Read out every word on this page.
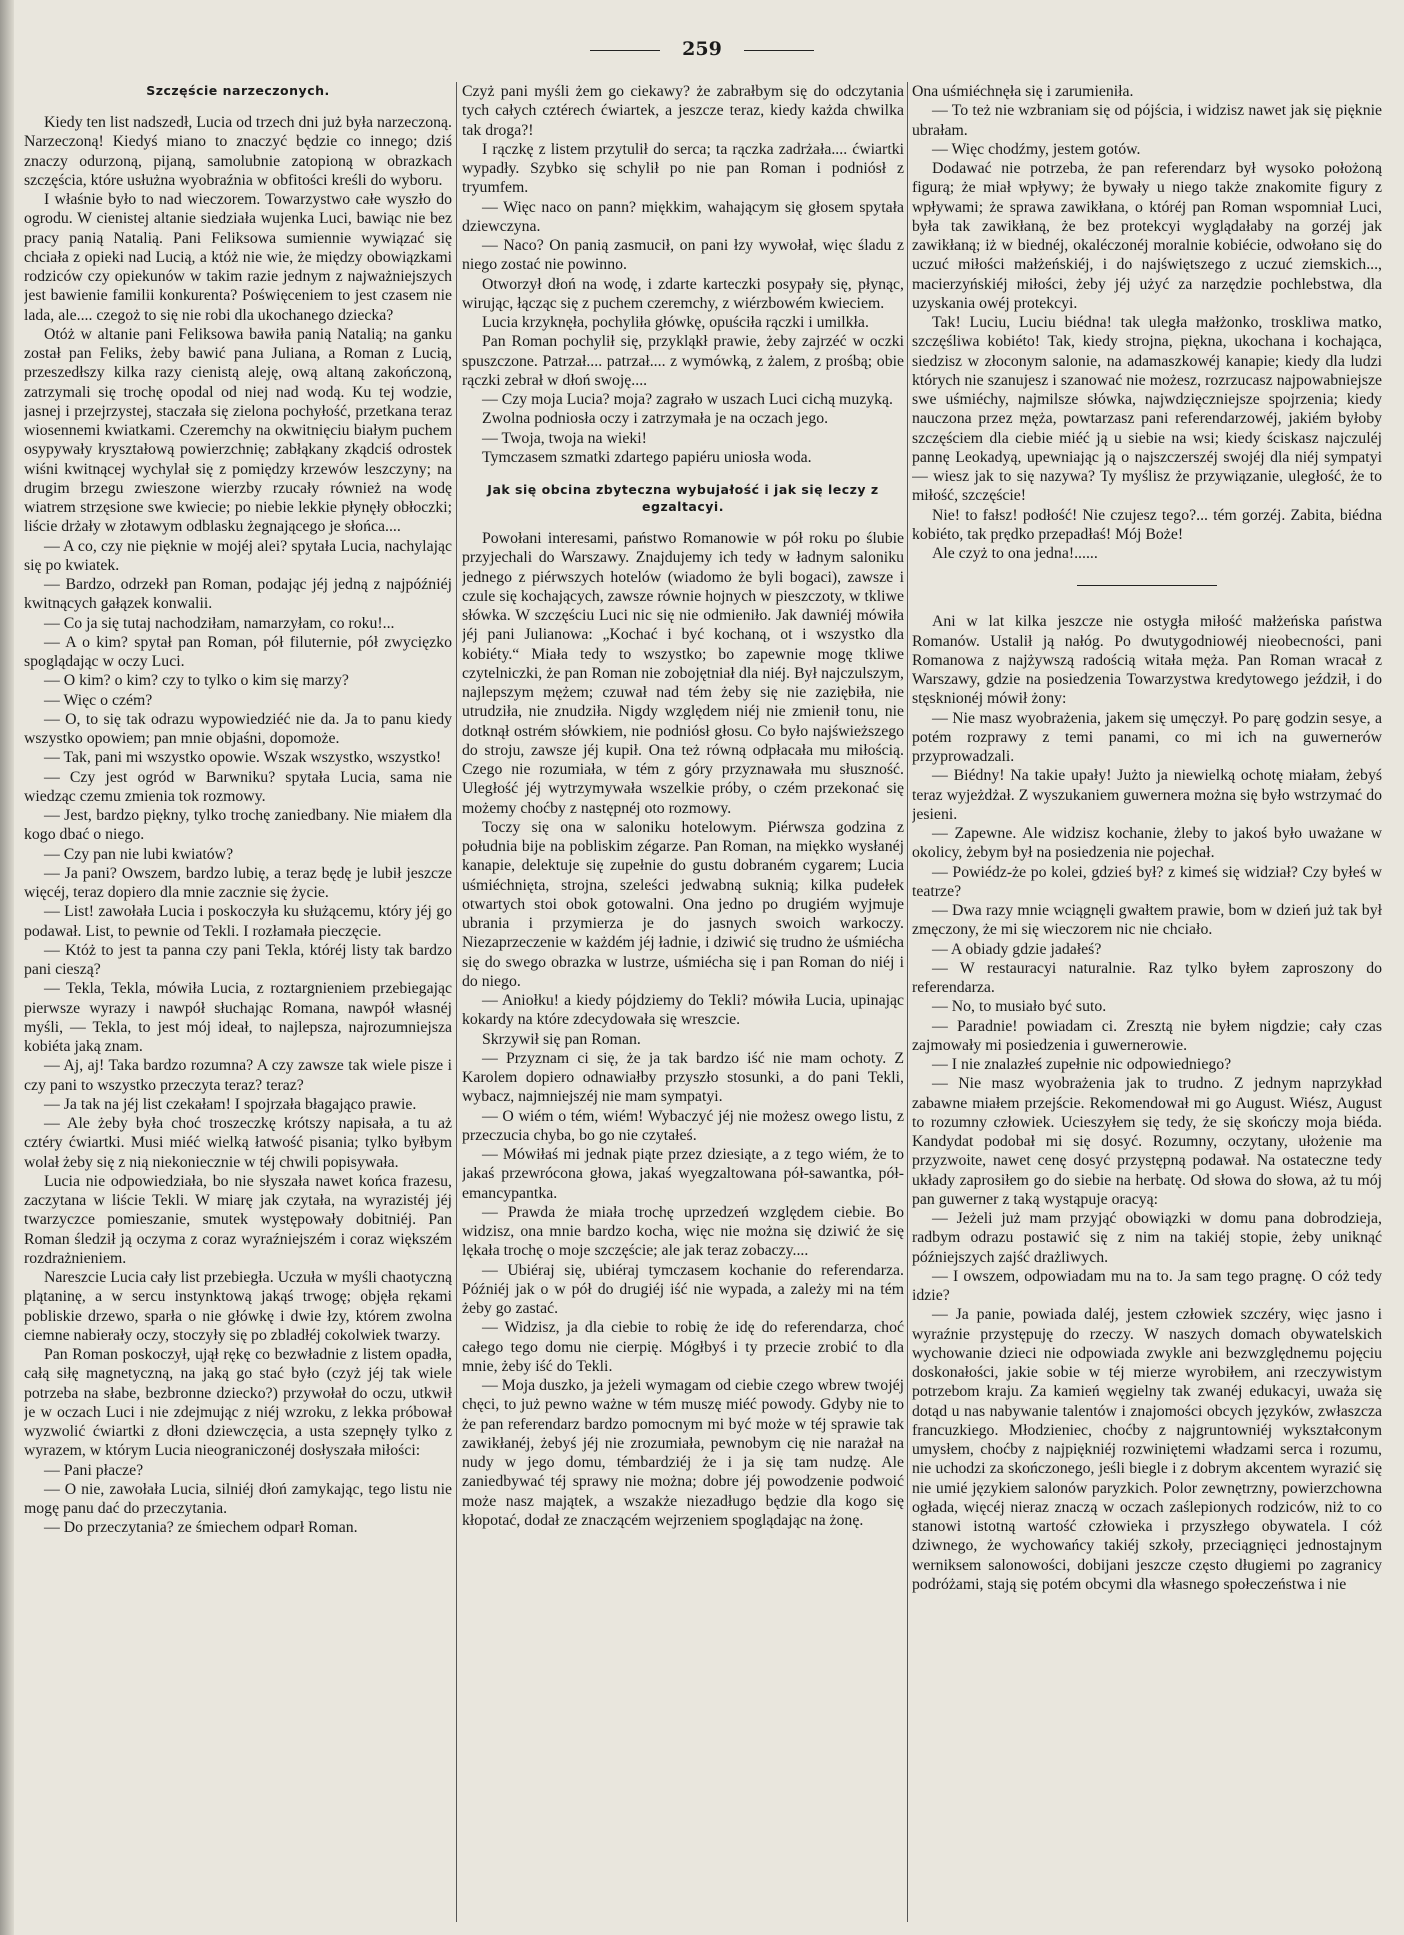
259
Szczęście narzeczonych.

Kiedy ten list nadszedł, Lucia od trzech dni już była narzeczoną. Narzeczoną! Kiedyś miano to znaczyć będzie co innego; dziś znaczy odurzoną, pijaną, samolubnie zatopioną w obrazkach szczęścia, które usłużna wyobraźnia w obfitości kreśli do wyboru.

I właśnie było to nad wieczorem. Towarzystwo całe wyszło do ogrodu. W cienistej altanie siedziała wujenka Luci, bawiąc nie bez pracy panią Natalią. Pani Feliksowa sumiennie wywiązać się chciała z opieki nad Lucią, a któż nie wie, że między obowiązkami rodziców czy opiekunów w takim razie jednym z najważniejszych jest bawienie familii konkurenta? Poświęceniem to jest czasem nie lada, ale.... czegoż to się nie robi dla ukochanego dziecka?

Otóż w altanie pani Feliksowa bawiła panią Natalią; na ganku został pan Feliks, żeby bawić pana Juliana, a Roman z Lucią, przeszedłszy kilka razy cienistą aleję, ową altaną zakończoną, zatrzymali się trochę opodal od niej nad wodą. Ku tej wodzie, jasnej i przejrzystej, staczała się zielona pochyłość, przetkana teraz wiosennemi kwiatkami. Czeremchy na okwitnięciu białym puchem osypywały kryształową powierzchnię; zabłąkany zkądciś odrostek wiśni kwitnącej wychylał się z pomiędzy krzewów leszczyny; na drugim brzegu zwieszone wierzby rzucały również na wodę wiatrem strzęsione swe kwiecie; po niebie lekkie płynęły obłoczki; liście drżały w złotawym odblasku żegnającego je słońca....

— A co, czy nie pięknie w mojéj alei? spytała Lucia, nachylając się po kwiatek.

— Bardzo, odrzekł pan Roman, podając jéj jedną z najpóźniéj kwitnących gałązek konwalii.

— Co ja się tutaj nachodziłam, namarzyłam, co roku!...

— A o kim? spytał pan Roman, pół filuternie, pół zwycięzko spoglądając w oczy Luci.

— O kim? o kim? czy to tylko o kim się marzy?

— Więc o czém?

— O, to się tak odrazu wypowiedziéć nie da. Ja to panu kiedy wszystko opowiem; pan mnie objaśni, dopomoże.

— Tak, pani mi wszystko opowie. Wszak wszystko, wszystko!

— Czy jest ogród w Barwniku? spytała Lucia, sama nie wiedząc czemu zmienia tok rozmowy.

— Jest, bardzo piękny, tylko trochę zaniedbany. Nie miałem dla kogo dbać o niego.

— Czy pan nie lubi kwiatów?

— Ja pani? Owszem, bardzo lubię, a teraz będę je lubił jeszcze więcéj, teraz dopiero dla mnie zacznie się życie.

— List! zawołała Lucia i poskoczyła ku służącemu, który jéj go podawał. List, to pewnie od Tekli. I rozłamała pieczęcie.

— Któż to jest ta panna czy pani Tekla, któréj listy tak bardzo pani cieszą?

— Tekla, Tekla, mówiła Lucia, z roztargnieniem przebiegając pierwsze wyrazy i nawpół słuchając Romana, nawpół własnéj myśli, — Tekla, to jest mój ideał, to najlepsza, najrozumniejsza kobiéta jaką znam.

— Aj, aj! Taka bardzo rozumna? A czy zawsze tak wiele pisze i czy pani to wszystko przeczyta teraz? teraz?

— Ja tak na jéj list czekałam! I spojrzała błagająco prawie.

— Ale żeby była choć troszeczkę krótszy napisała, a tu aż cztéry ćwiartki. Musi miéć wielką łatwość pisania; tylko byłbym wolał żeby się z nią niekoniecznie w téj chwili popisywała.

Lucia nie odpowiedziała, bo nie słyszała nawet końca frazesu, zaczytana w liście Tekli. W miarę jak czytała, na wyrazistéj jéj twarzyczce pomieszanie, smutek występowały dobitniéj. Pan Roman śledził ją oczyma z coraz wyraźniejszém i coraz większém rozdrażnieniem.

Nareszcie Lucia cały list przebiegła. Uczuła w myśli chaotyczną plątaninę, a w sercu instynktową jakąś trwogę; objęła rękami pobliskie drzewo, sparła o nie główkę i dwie łzy, którem zwolna ciemne nabierały oczy, stoczyły się po zbladłéj cokolwiek twarzy.

Pan Roman poskoczył, ujął rękę co bezwładnie z listem opadła, całą siłę magnetyczną, na jaką go stać było (czyż jéj tak wiele potrzeba na słabe, bezbronne dziecko?) przywołał do oczu, utkwił je w oczach Luci i nie zdejmując z niéj wzroku, z lekka próbował wyzwolić ćwiartki z dłoni dziewczęcia, a usta szepnęły tylko z wyrazem, w którym Lucia nieograniczonéj dosłyszała miłości:

— Pani płacze?

— O nie, zawołała Lucia, silniéj dłoń zamykając, tego listu nie mogę panu dać do przeczytania.

— Do przeczytania? ze śmiechem odparł Roman.

Czyż pani myśli żem go ciekawy? że zabrałbym się do odczytania tych całych cztérech ćwiartek, a jeszcze teraz, kiedy każda chwilka tak droga?!

I rączkę z listem przytulił do serca; ta rączka zadrżała.... ćwiartki wypadły. Szybko się schylił po nie pan Roman i podniósł z tryumfem.

— Więc naco on pann? miękkim, wahającym się głosem spytała dziewczyna.

— Naco? On panią zasmucił, on pani łzy wywołał, więc śladu z niego zostać nie powinno.

Otworzył dłoń na wodę, i zdarte karteczki posypały się, płynąc, wirując, łącząc się z puchem czeremchy, z wiérzbowém kwieciem.

Lucia krzyknęła, pochyliła główkę, opuściła rączki i umilkła.

Pan Roman pochylił się, przykląkł prawie, żeby zajrzéć w oczki spuszczone. Patrzał.... patrzał.... z wymówką, z żalem, z prośbą; obie rączki zebrał w dłoń swoję....

— Czy moja Lucia? moja? zagrało w uszach Luci cichą muzyką.

Zwolna podniosła oczy i zatrzymała je na oczach jego.

— Twoja, twoja na wieki!

Tymczasem szmatki zdartego papiéru uniosła woda.

Jak się obcina zbyteczna wybujałość i jak się leczy z egzaltacyi.

Powołani interesami, państwo Romanowie w pół roku po ślubie przyjechali do Warszawy. Znajdujemy ich tedy w ładnym saloniku jednego z piérwszych hotelów (wiadomo że byli bogaci), zawsze i czule się kochających, zawsze równie hojnych w pieszczoty, w tkliwe słówka. W szczęściu Luci nic się nie odmieniło. Jak dawniéj mówiła jéj pani Julianowa: „Kochać i być kochaną, ot i wszystko dla kobiéty.“ Miała tedy to wszystko; bo zapewnie mogę tkliwe czytelniczki, że pan Roman nie zobojętniał dla niéj. Był najczulszym, najlepszym mężem; czuwał nad tém żeby się nie zaziębiła, nie utrudziła, nie znudziła. Nigdy względem niéj nie zmienił tonu, nie dotknął ostrém słówkiem, nie podniósł głosu. Co było najświeższego do stroju, zawsze jéj kupił. Ona też równą odpłacała mu miłością. Czego nie rozumiała, w tém z góry przyznawała mu słuszność. Uległość jéj wytrzymywała wszelkie próby, o czém przekonać się możemy choćby z następnéj oto rozmowy.

Toczy się ona w saloniku hotelowym. Piérwsza godzina z południa bije na pobliskim zégarze. Pan Roman, na miękko wysłanéj kanapie, delektuje się zupełnie do gustu dobraném cygarem; Lucia uśmiéchnięta, strojna, szeleści jedwabną suknią; kilka pudełek otwartych stoi obok gotowalni. Ona jedno po drugiém wyjmuje ubrania i przymierza je do jasnych swoich warkoczy. Niezaprzeczenie w każdém jéj ładnie, i dziwić się trudno że uśmiécha się do swego obrazka w lustrze, uśmiécha się i pan Roman do niéj i do niego.

— Aniołku! a kiedy pójdziemy do Tekli? mówiła Lucia, upinając kokardy na które zdecydowała się wreszcie.

Skrzywił się pan Roman.

— Przyznam ci się, że ja tak bardzo iść nie mam ochoty. Z Karolem dopiero odnawiałby przyszło stosunki, a do pani Tekli, wybacz, najmniejszéj nie mam sympatyi.

— O wiém o tém, wiém! Wybaczyć jéj nie możesz owego listu, z przeczucia chyba, bo go nie czytałeś.

— Mówiłaś mi jednak piąte przez dziesiąte, a z tego wiém, że to jakaś przewrócona głowa, jakaś wyegzaltowana pół-sawantka, pół-emancypantka.

— Prawda że miała trochę uprzedzeń względem ciebie. Bo widzisz, ona mnie bardzo kocha, więc nie można się dziwić że się lękała trochę o moje szczęście; ale jak teraz zobaczy....

— Ubiéraj się, ubiéraj tymczasem kochanie do referendarza. Późniéj jak o w pół do drugiéj iść nie wypada, a zależy mi na tém żeby go zastać.

— Widzisz, ja dla ciebie to robię że idę do referendarza, choć całego tego domu nie cierpię. Mógłbyś i ty przecie zrobić to dla mnie, żeby iść do Tekli.

— Moja duszko, ja jeżeli wymagam od ciebie czego wbrew twojéj chęci, to już pewno ważne w tém muszę miéć powody. Gdyby nie to że pan referendarz bardzo pomocnym mi być może w téj sprawie tak zawikłanéj, żebyś jéj nie zrozumiała, pewnobym cię nie narażał na nudy w jego domu, témbardziéj że i ja się tam nudzę. Ale zaniedbywać téj sprawy nie można; dobre jéj powodzenie podwoić może nasz majątek, a wszakże niezadługo będzie dla kogo się kłopotać, dodał ze znaczącém wejrzeniem spoglądając na żonę.

Ona uśmiéchnęła się i zarumieniła.

— To też nie wzbraniam się od pójścia, i widzisz nawet jak się pięknie ubrałam.

— Więc chodźmy, jestem gotów.

Dodawać nie potrzeba, że pan referendarz był wysoko położoną figurą; że miał wpływy; że bywały u niego także znakomite figury z wpływami; że sprawa zawikłana, o któréj pan Roman wspomniał Luci, była tak zawikłaną, że bez protekcyi wyglądałaby na gorzéj jak zawikłaną; iż w biednéj, okaléczonéj moralnie kobiécie, odwołano się do uczuć miłości małżeńskiéj, i do najświętszego z uczuć ziemskich..., macierzyńskiéj miłości, żeby jéj użyć za narzędzie pochlebstwa, dla uzyskania owéj protekcyi.

Tak! Luciu, Luciu biédna! tak uległa małżonko, troskliwa matko, szczęśliwa kobiéto! Tak, kiedy strojna, piękna, ukochana i kochająca, siedzisz w złoconym salonie, na adamaszkowéj kanapie; kiedy dla ludzi których nie szanujesz i szanować nie możesz, rozrzucasz najpowabniejsze swe uśmiéchy, najmilsze słówka, najwdzięczniejsze spojrzenia; kiedy nauczona przez męża, powtarzasz pani referendarzowéj, jakiém byłoby szczęściem dla ciebie miéć ją u siebie na wsi; kiedy ściskasz najczuléj pannę Leokadyą, upewniając ją o najszczerszéj swojéj dla niéj sympatyi — wiesz jak to się nazywa? Ty myślisz że przywiązanie, uległość, że to miłość, szczęście!

Nie! to fałsz! podłość! Nie czujesz tego?... tém gorzéj. Zabita, biédna kobiéto, tak prędko przepadłaś! Mój Boże!

Ale czyż to ona jedna!......

Ani w lat kilka jeszcze nie ostygła miłość małżeńska państwa Romanów. Ustalił ją nałóg. Po dwutygodniowéj nieobecności, pani Romanowa z najżywszą radością witała męża. Pan Roman wracał z Warszawy, gdzie na posiedzenia Towarzystwa kredytowego jeździł, i do stęsknionéj mówił żony:

— Nie masz wyobrażenia, jakem się umęczył. Po parę godzin sesye, a potém rozprawy z temi panami, co mi ich na guwernerów przyprowadzali.

— Biédny! Na takie upały! Jużto ja niewielką ochotę miałam, żebyś teraz wyjeżdżał. Z wyszukaniem guwernera można się było wstrzymać do jesieni.

— Zapewne. Ale widzisz kochanie, żleby to jakoś było uważane w okolicy, żebym był na posiedzenia nie pojechał.

— Powiédz-że po kolei, gdzieś był? z kimeś się widział? Czy byłeś w teatrze?

— Dwa razy mnie wciągnęli gwałtem prawie, bom w dzień już tak był zmęczony, że mi się wieczorem nic nie chciało.

— A obiady gdzie jadałeś?

— W restauracyi naturalnie. Raz tylko byłem zaproszony do referendarza.

— No, to musiało być suto.

— Paradnie! powiadam ci. Zresztą nie byłem nigdzie; cały czas zajmowały mi posiedzenia i guwernerowie.

— I nie znalazłeś zupełnie nic odpowiedniego?

— Nie masz wyobrażenia jak to trudno. Z jednym naprzykład zabawne miałem przejście. Rekomendował mi go August. Wiész, August to rozumny człowiek. Ucieszyłem się tedy, że się skończy moja biéda. Kandydat podobał mi się dosyć. Rozumny, oczytany, ułożenie ma przyzwoite, nawet cenę dosyć przystępną podawał. Na ostateczne tedy układy zaprosiłem go do siebie na herbatę. Od słowa do słowa, aż tu mój pan guwerner z taką wystąpuje oracyą:

— Jeżeli już mam przyjąć obowiązki w domu pana dobrodzieja, radbym odrazu postawić się z nim na takiéj stopie, żeby uniknąć późniejszych zajść drażliwych.

— I owszem, odpowiadam mu na to. Ja sam tego pragnę. O cóż tedy idzie?

— Ja panie, powiada daléj, jestem człowiek szczéry, więc jasno i wyraźnie przystępuję do rzeczy. W naszych domach obywatelskich wychowanie dzieci nie odpowiada zwykle ani bezwzględnemu pojęciu doskonałości, jakie sobie w téj mierze wyrobiłem, ani rzeczywistym potrzebom kraju. Za kamień węgielny tak zwanéj edukacyi, uważa się dotąd u nas nabywanie talentów i znajomości obcych języków, zwłaszcza francuzkiego. Młodzieniec, choćby z najgruntowniéj wykształconym umysłem, choćby z najpiękniéj rozwiniętemi władzami serca i rozumu, nie uchodzi za skończonego, jeśli biegle i z dobrym akcentem wyrazić się nie umié językiem salonów paryzkich. Polor zewnętrzny, powierzchowna ogłada, więcéj nieraz znaczą w oczach zaślepionych rodziców, niż to co stanowi istotną wartość człowieka i przyszłego obywatela. I cóż dziwnego, że wychowańcy takiéj szkoły, przeciągnięci jednostajnym werniksem salonowości, dobijani jeszcze często długiemi po zagranicy podróżami, stają się potém obcymi dla własnego społeczeństwa i nie
